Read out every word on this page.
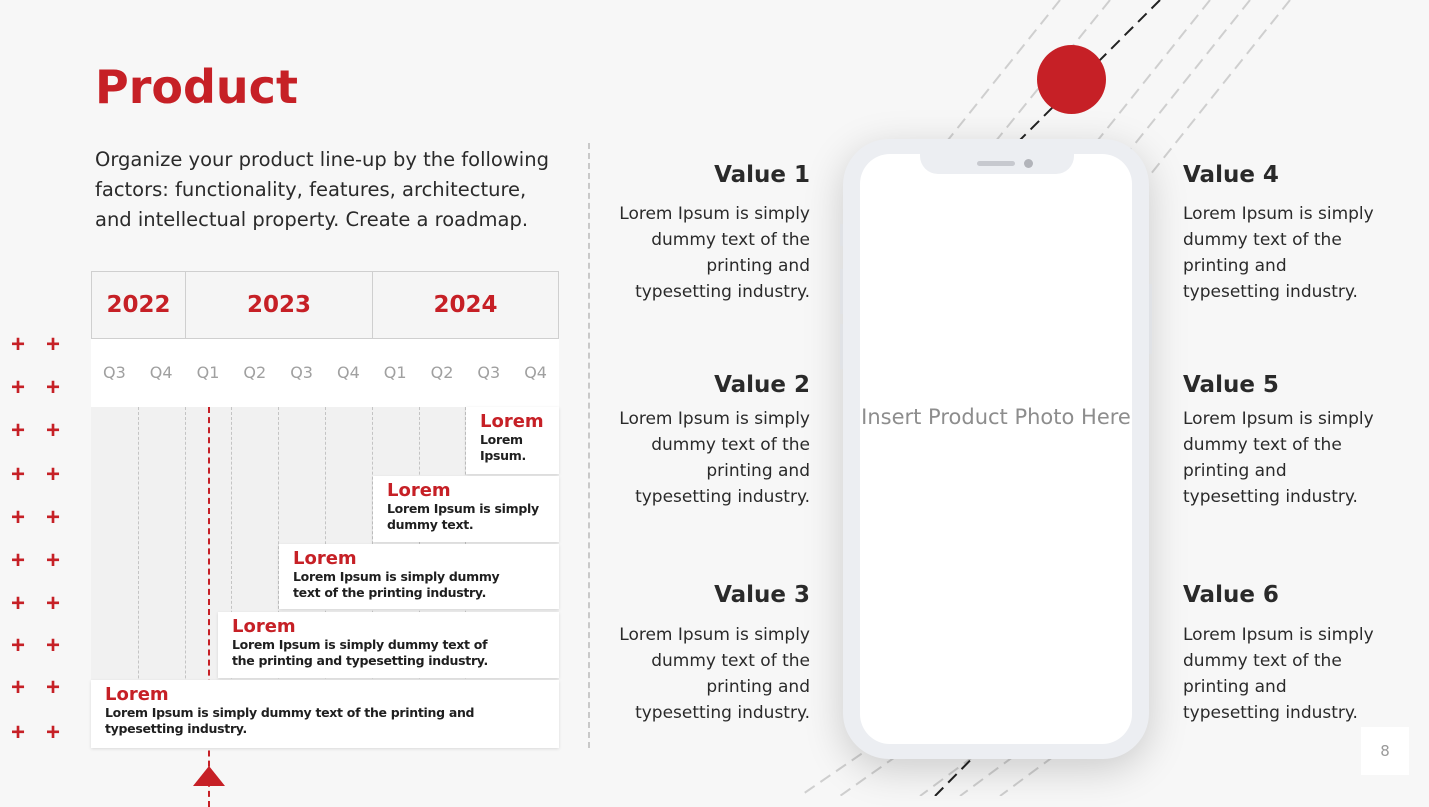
Product

Organize your product line-up by the following factors: functionality, features, architecture, and intellectual property. Create a roadmap.

+ +
+ +
+ +
+ +
+ +
+ +
+ +
+ +
+ +
+ +
2022	2023	2024
Q3	Q4	Q1	Q2	Q3	Q4	Q1	Q2	Q3	Q4
Lorem
Lorem Ipsum.
Lorem
Lorem Ipsum is simply dummy text.
Lorem
Lorem Ipsum is simply dummy text of the printing industry.
Lorem
Lorem Ipsum is simply dummy text of the printing and typesetting industry.
Lorem
Lorem Ipsum is simply dummy text of the printing and typesetting industry.
Value 1
Lorem Ipsum is simply dummy text of the printing and typesetting industry.
Value 2
Lorem Ipsum is simply dummy text of the printing and typesetting industry.
Value 3
Lorem Ipsum is simply dummy text of the printing and typesetting industry.
Value 4
Lorem Ipsum is simply dummy text of the printing and typesetting industry.
Value 5
Lorem Ipsum is simply dummy text of the printing and typesetting industry.
Value 6
Lorem Ipsum is simply dummy text of the printing and typesetting industry.
Insert Product Photo Here
8
